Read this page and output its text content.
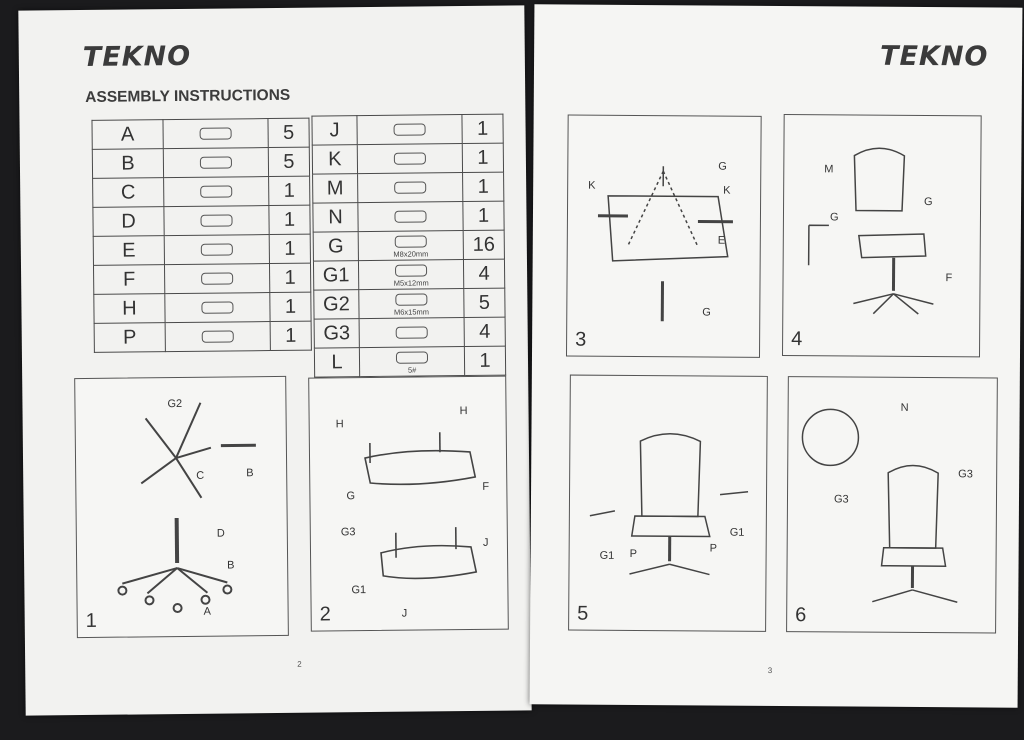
TEKNO
ASSEMBLY INSTRUCTIONS
A		5
B		5
C		1
D		1
E		1
F		1
H		1
P		1
J		1
K		1
M		1
N		1
G	M8x20mm	16
G1	M5x12mm	4
G2	M6x15mm	5
G3		4
L	5#	1
G2
C	B
D
B
A
1
H
H
G
F
G3
J
G1
J
2
2
TEKNO
G
K	K
E
G
3
M
G
G
F
4
P
G1
P
G1
5
N
G3
G3
6
3
